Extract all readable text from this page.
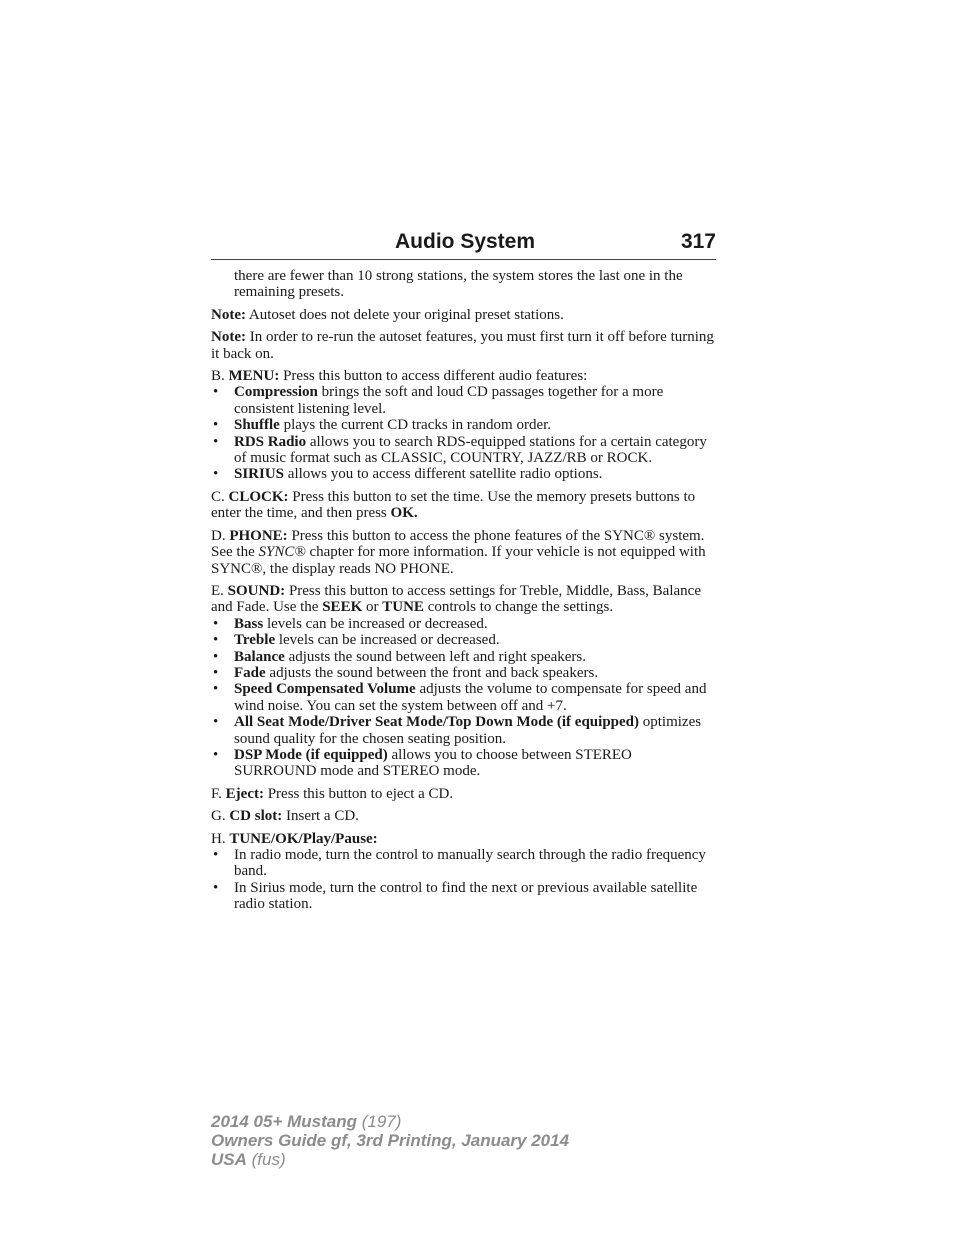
Audio System	317

there are fewer than 10 strong stations, the system stores the last one in the remaining presets.

Note: Autoset does not delete your original preset stations.

Note: In order to re-run the autoset features, you must first turn it off before turning it back on.

B. MENU: Press this button to access different audio features:

• Compression brings the soft and loud CD passages together for a more consistent listening level.
• Shuffle plays the current CD tracks in random order.
• RDS Radio allows you to search RDS-equipped stations for a certain category of music format such as CLASSIC, COUNTRY, JAZZ/RB or ROCK.
• SIRIUS allows you to access different satellite radio options.

C. CLOCK: Press this button to set the time. Use the memory presets buttons to enter the time, and then press OK.

D. PHONE: Press this button to access the phone features of the SYNC® system. See the SYNC® chapter for more information. If your vehicle is not equipped with SYNC®, the display reads NO PHONE.

E. SOUND: Press this button to access settings for Treble, Middle, Bass, Balance and Fade. Use the SEEK or TUNE controls to change the settings.

• Bass levels can be increased or decreased.
• Treble levels can be increased or decreased.
• Balance adjusts the sound between left and right speakers.
• Fade adjusts the sound between the front and back speakers.
• Speed Compensated Volume adjusts the volume to compensate for speed and wind noise. You can set the system between off and +7.
• All Seat Mode/Driver Seat Mode/Top Down Mode (if equipped) optimizes sound quality for the chosen seating position.
• DSP Mode (if equipped) allows you to choose between STEREO SURROUND mode and STEREO mode.

F. Eject: Press this button to eject a CD.

G. CD slot: Insert a CD.

H. TUNE/OK/Play/Pause:

• In radio mode, turn the control to manually search through the radio frequency band.
• In Sirius mode, turn the control to find the next or previous available satellite radio station.
2014 05+ Mustang (197)
Owners Guide gf, 3rd Printing, January 2014
USA (fus)
